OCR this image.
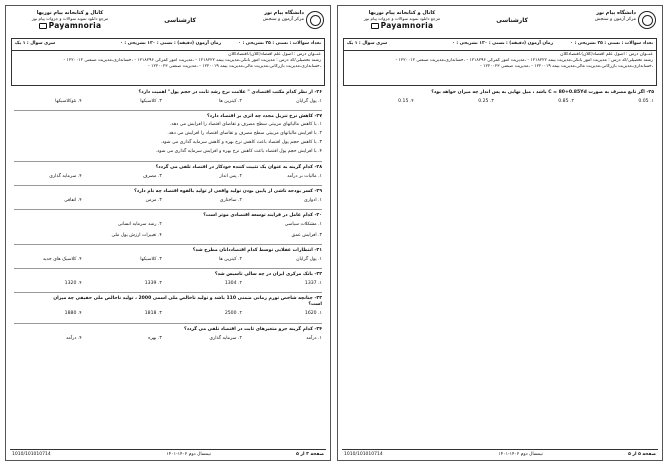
دانشگاه پیام نور
مرکز آزمون و سنجش
کارشناسی
کانال و کتابخانه پیام نوریها
مرجع دانلود نمونه سوالات و جزوات پیام نور
Payamnoria
تعداد سوالات : تستی : ۲۵ تشریحی : ۰
زمان آزمون (دقیقه) : تستی : ۱۲۰ تشریحی : ۰
سری سوال : ۱ یک
عنــوان درس : اصول علم اقتصاد(کلان)،اقتصادکلان
رشته تحصیلی/کد درس : مدیریت امور بانکی،مدیریت بیمه ۱۲۱۸۲۲۲ - ،مدیریت امور گمرکی ۱۲۱۸۲۹۶ - ،حسابداری،مدیریت صنعتی ۱۲۲۰۰۱۲ -
،حسابداری،مدیریت بازرگانی،مدیریت مالی،مدیریت بیمه ۱۲۲۰۰۱۹ - ،مدیریت صنعتی ۱۲۲۰۰۲۳ -
۲۶- از نظر کدام مکتب اقتصادی " علامت نرخ رشد ثابت در حجم پول" اهمیت دارد؟
۱. پول گرایان
۲. کینزین ها
۳. کلاسیکها
۴. نئوکلاسیکها
۲۷- کاهش نرخ تنزیل مجدد چه اثری بر اقتصاد دارد؟
۱. با کاهش مالیاتهای مربیتی سطح مصرف و تقاضای اقتصاد را افزایش می دهد.
۲. با افزایش مالیاتهای مربیتی سطح مصرف و تقاضای اقتصاد را افزایش می دهد.
۳. با کاهش حجم پول اقتصاد باعث کاهش نرخ بهره و کاهش سرمایه گذاری می شود.
۴. با افزایش حجم پول اقتصاد باعث کاهش نرخ بهره و افزایش سرمایه گذاری می شود.
۲۸- کدام گزینه به عنوان یک تثبیت کننده خودکار در اقتصاد تلقی می گردد؟
۱. مالیات بر درآمد
۲. پس انداز
۳. مصرف
۴. سرمایه گذاری
۲۹- کسر بودجه ناشی از پایین بودن تولید واقعی از تولید بالقوه اقتصاد چه نام دارد؟
۱. ادواری
۲. ساختاری
۳. مزمن
۴. اتفاقی
۳۰- کدام عامل در فرایند توسعه اقتصادی موثر است؟
۱. مشکلات سیاسی
۲. رشد سرمایه انسانی
۳. افزایش عمق
۴. تغییرات ارزش پول ملی
۳۱- انتظارات عقلایی توسط کدام اقتصاددانان مطرح شد؟
۱. پول گرایان
۲. کینزین ها
۳. کلاسیکها
۴. کلاسیک های جدید
۳۲- بانک مرکزی ایران در چه سالی تاسیس شد؟
۱. 1337
۲. 1304
۳. 1339
۴. 1320
۳۳- چنانچه شاخص تورم زمانی ضمنی 110 باشد و تولید ناخالص ملی اسمی 2000 ، تولید ناخالص ملی حقیقی چه میزان
است؟
۱. 1620
۲. 2500
۳. 1818
۴. 1880
۳۴- کدام گزینه جزو متغیرهای ثابت در اقتصاد تلقی می گردد؟
۱. درآمد
۲. سرمایه گذاری
۳. بهره
۴. درآمد
صفحه ۳ از ۵
نیمسال دوم ۱۴۰۲-۱۴۰۱
1010/101010714
دانشگاه پیام نور
مرکز آزمون و سنجش
کارشناسی
کانال و کتابخانه پیام نوریها
مرجع دانلود نمونه سوالات و جزوات پیام نور
Payamnoria
تعداد سوالات : تستی : ۲۵ تشریحی : ۰
زمان آزمون (دقیقه) : تستی : ۱۲۰ تشریحی : ۰
سری سوال : ۱ یک
عنــوان درس : اصول علم اقتصاد(کلان)،اقتصادکلان
رشته تحصیلی/کد درس : مدیریت امور بانکی،مدیریت بیمه ۱۲۱۸۲۲۲ - ،مدیریت امور گمرکی ۱۲۱۸۲۹۶ - ،حسابداری،مدیریت صنعتی ۱۲۲۰۰۱۲ -
،حسابداری،مدیریت بازرگانی،مدیریت مالی،مدیریت بیمه ۱۲۲۰۰۱۹ - ،مدیریت صنعتی ۱۲۲۰۰۲۳ -
۲۵- اگر تابع مصرف به صورت C = 80+0.85Yd باشد ، میل نهایی به پس انداز چه میزان خواهد بود؟
۱. 0.05
۲. 0.85
۳. 0.25
۴. 0.15
صفحه ۵ از ۵
نیمسال دوم ۱۴۰۲-۱۴۰۱
1010/101010714
